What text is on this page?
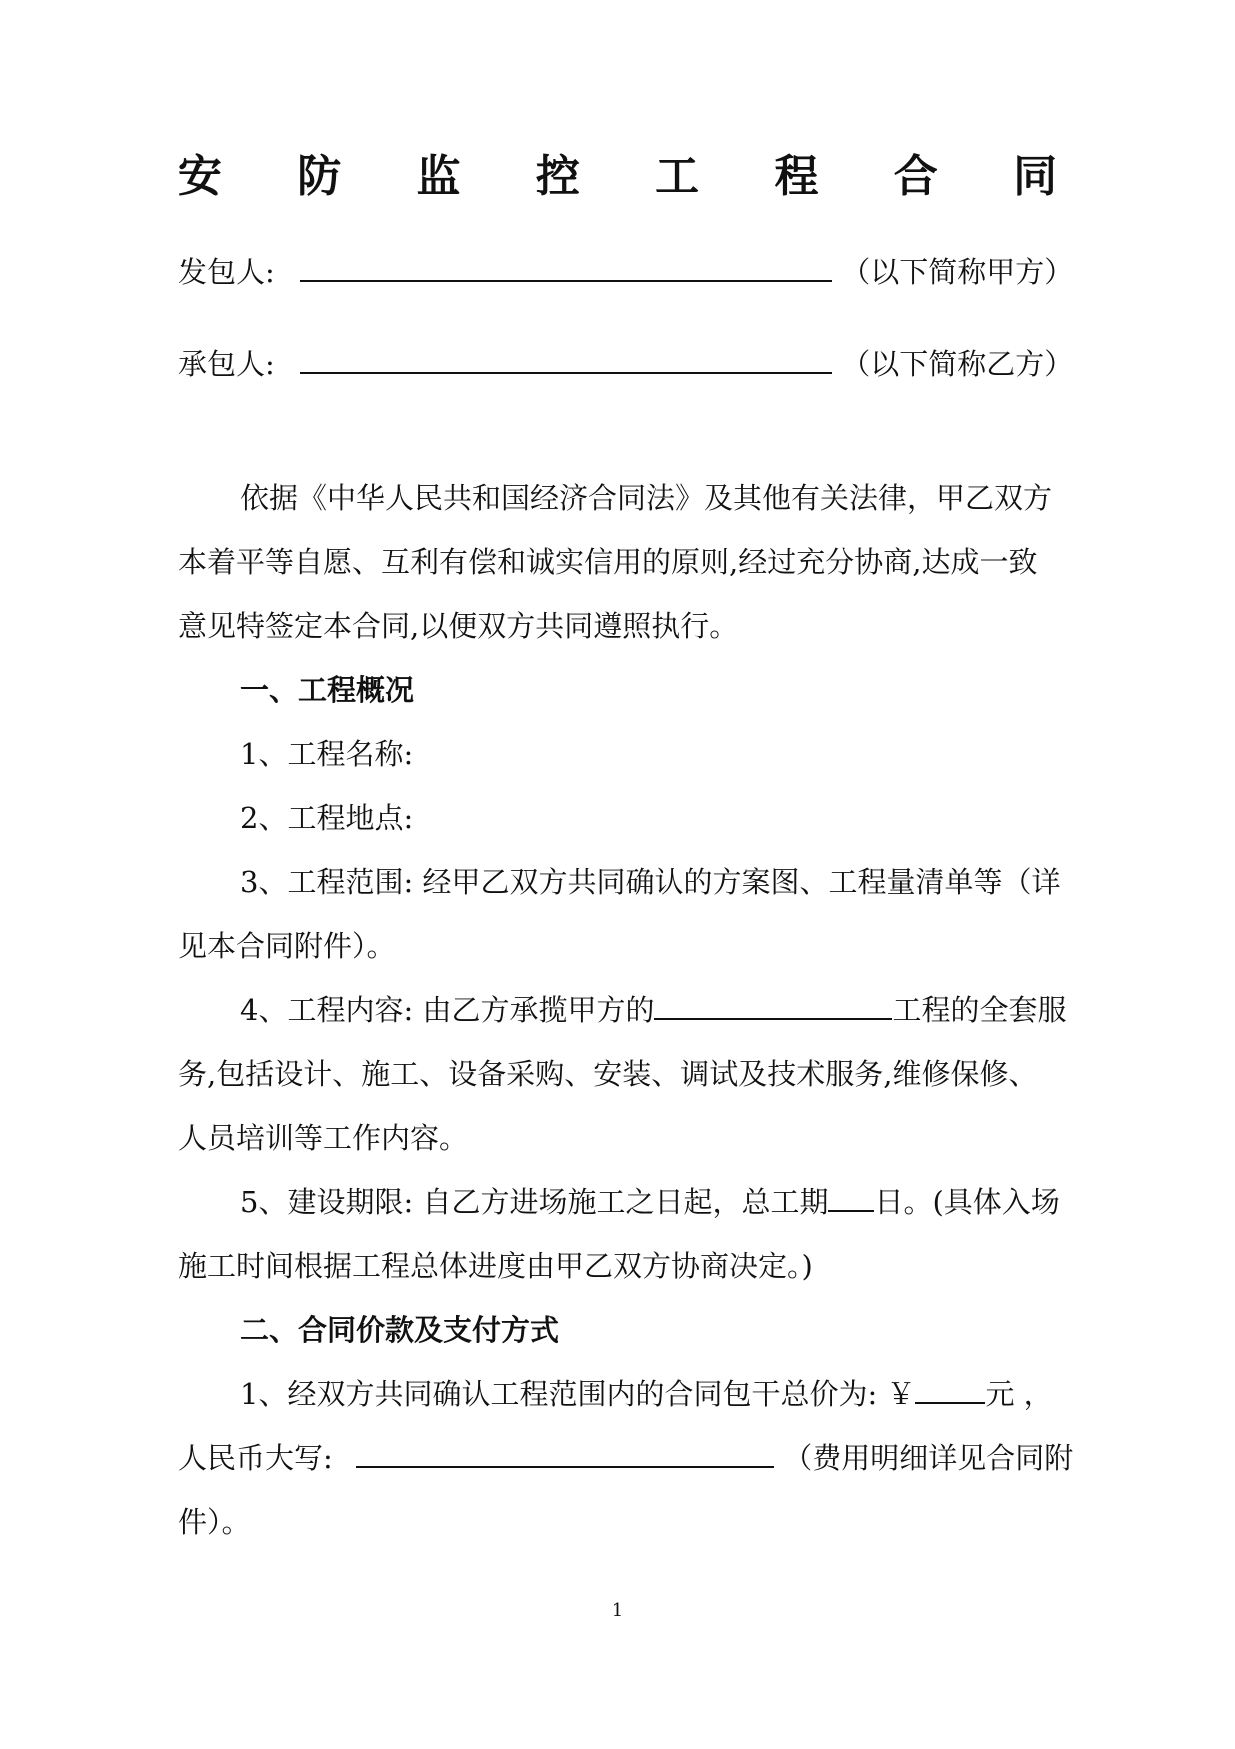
安 防 监 控 工 程 合 同
发包人:	（以下简称甲方）
承包人:	（以下简称乙方）
依据《中华人民共和国经济合同法》及其他有关法律，甲乙双方
本着平等自愿、互利有偿和诚实信用的原则,经过充分协商,达成一致
意见特签定本合同,以便双方共同遵照执行。
一、工程概况
1、工程名称:
2、工程地点:
3、工程范围: 经甲乙双方共同确认的方案图、工程量清单等（详
见本合同附件）。
4、工程内容: 由乙方承揽甲方的	工程的全套服
务,包括设计、施工、设备采购、安装、调试及技术服务,维修保修、
人员培训等工作内容。
5、建设期限: 自乙方进场施工之日起，总工期 日。(具体入场
施工时间根据工程总体进度由甲乙双方协商决定。)
二、合同价款及支付方式
1、经双方共同确认工程范围内的合同包干总价为: ￥ 元 ，
人民币大写:	（费用明细详见合同附
件）。
1
